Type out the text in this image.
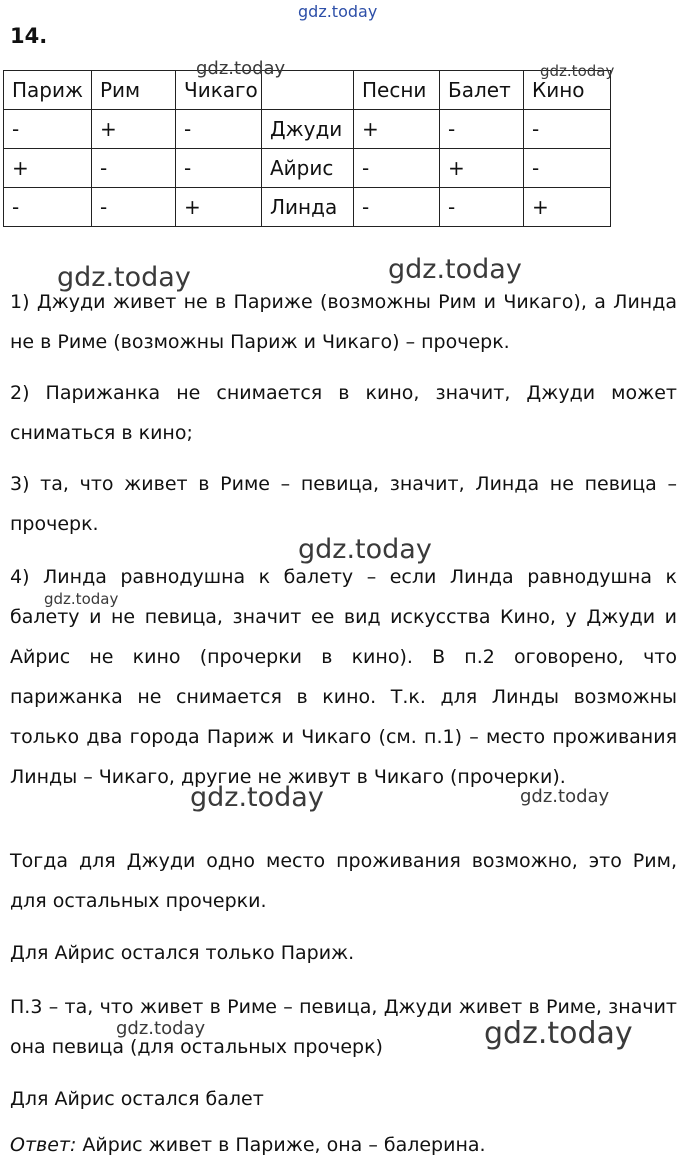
14.
Париж	Рим	Чикаго		Песни	Балет	Кино
-	+	-	Джуди	+	-	-
+	-	-	Айрис	-	+	-
-	-	+	Линда	-	-	+

1) Джуди живет не в Париже (возможны Рим и Чикаго), а Линда не в Риме (возможны Париж и Чикаго) – прочерк.

2) Парижанка не снимается в кино, значит, Джуди может сниматься в кино;

3) та, что живет в Риме – певица, значит, Линда не певица – прочерк.

4) Линда равнодушна к балету – если Линда равнодушна к балету и не певица, значит ее вид искусства Кино, у Джуди и Айрис не кино (прочерки в кино). В п.2 оговорено, что парижанка не снимается в кино. Т.к. для Линды возможны только два города Париж и Чикаго (см. п.1) – место проживания Линды – Чикаго, другие не живут в Чикаго (прочерки).

Тогда для Джуди одно место проживания возможно, это Рим, для остальных прочерки.

Для Айрис остался только Париж.

П.3 – та, что живет в Риме – певица, Джуди живет в Риме, значит она певица (для остальных прочерк)

Для Айрис остался балет

Ответ: Айрис живет в Париже, она – балерина.

gdz.today
gdz.today	gdz.today
gdz.today	gdz.today
gdz.today
gdz.today
gdz.today	gdz.today
gdz.today	gdz.today
